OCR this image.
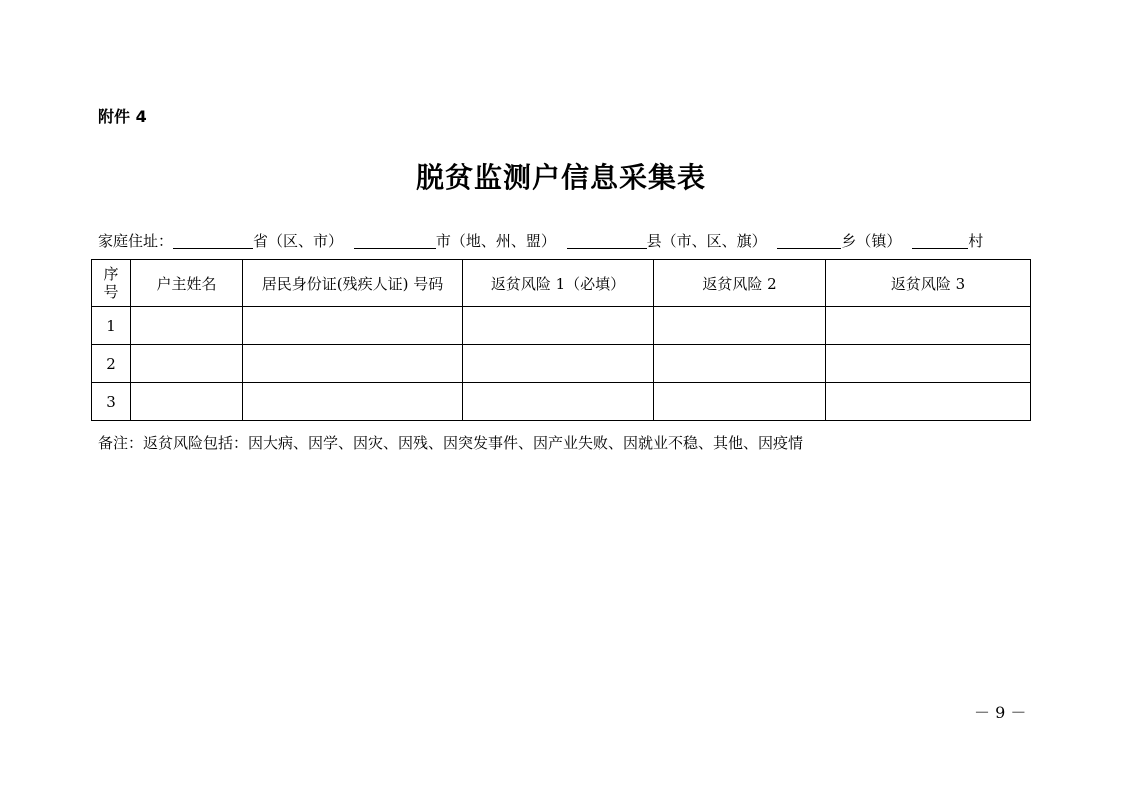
附件 4
脱贫监测户信息采集表
家庭住址：	省（区、市）	市（地、州、盟）	县（市、区、旗）	乡（镇）	村
序
号	户主姓名	居民身份证(残疾人证) 号码	返贫风险 1（必填）	返贫风险 2	返贫风险 3
1					
2					
3					
备注：返贫风险包括：因大病、因学、因灾、因残、因突发事件、因产业失败、因就业不稳、其他、因疫情
－ 9 －
